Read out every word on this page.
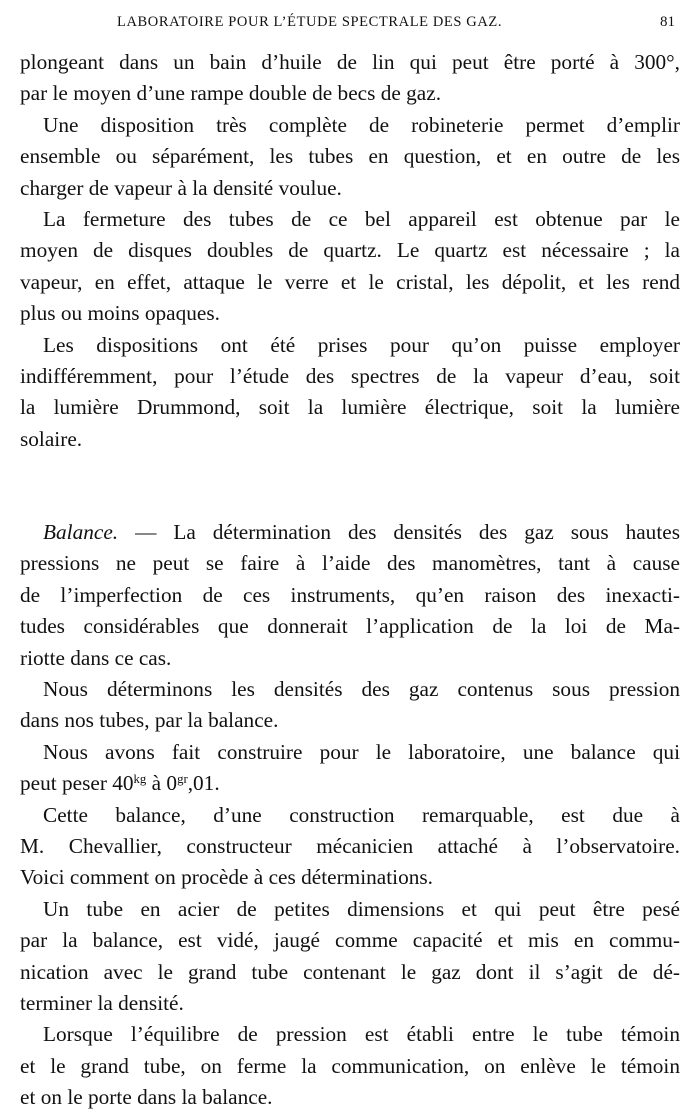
LABORATOIRE POUR L’ÉTUDE SPECTRALE DES GAZ.	81
plongeant dans un bain d’huile de lin qui peut être porté à 300°,
par le moyen d’une rampe double de becs de gaz.
Une disposition très complète de robineterie permet d’emplir
ensemble ou séparément, les tubes en question, et en outre de les
charger de vapeur à la densité voulue.
La fermeture des tubes de ce bel appareil est obtenue par le
moyen de disques doubles de quartz. Le quartz est nécessaire ; la
vapeur, en effet, attaque le verre et le cristal, les dépolit, et les rend
plus ou moins opaques.
Les dispositions ont été prises pour qu’on puisse employer
indifféremment, pour l’étude des spectres de la vapeur d’eau, soit
la lumière Drummond, soit la lumière électrique, soit la lumière
solaire.
Balance. — La détermination des densités des gaz sous hautes
pressions ne peut se faire à l’aide des manomètres, tant à cause
de l’imperfection de ces instruments, qu’en raison des inexacti-
tudes considérables que donnerait l’application de la loi de Ma-
riotte dans ce cas.
Nous déterminons les densités des gaz contenus sous pression
dans nos tubes, par la balance.
Nous avons fait construire pour le laboratoire, une balance qui
peut peser $40^{kg}$ à $0^{gr},01$.
Cette balance, d’une construction remarquable, est due à
M. Chevallier, constructeur mécanicien attaché à l’observatoire.
Voici comment on procède à ces déterminations.
Un tube en acier de petites dimensions et qui peut être pesé
par la balance, est vidé, jaugé comme capacité et mis en commu-
nication avec le grand tube contenant le gaz dont il s’agit de dé-
terminer la densité.
Lorsque l’équilibre de pression est établi entre le tube témoin
et le grand tube, on ferme la communication, on enlève le témoin
et on le porte dans la balance.
